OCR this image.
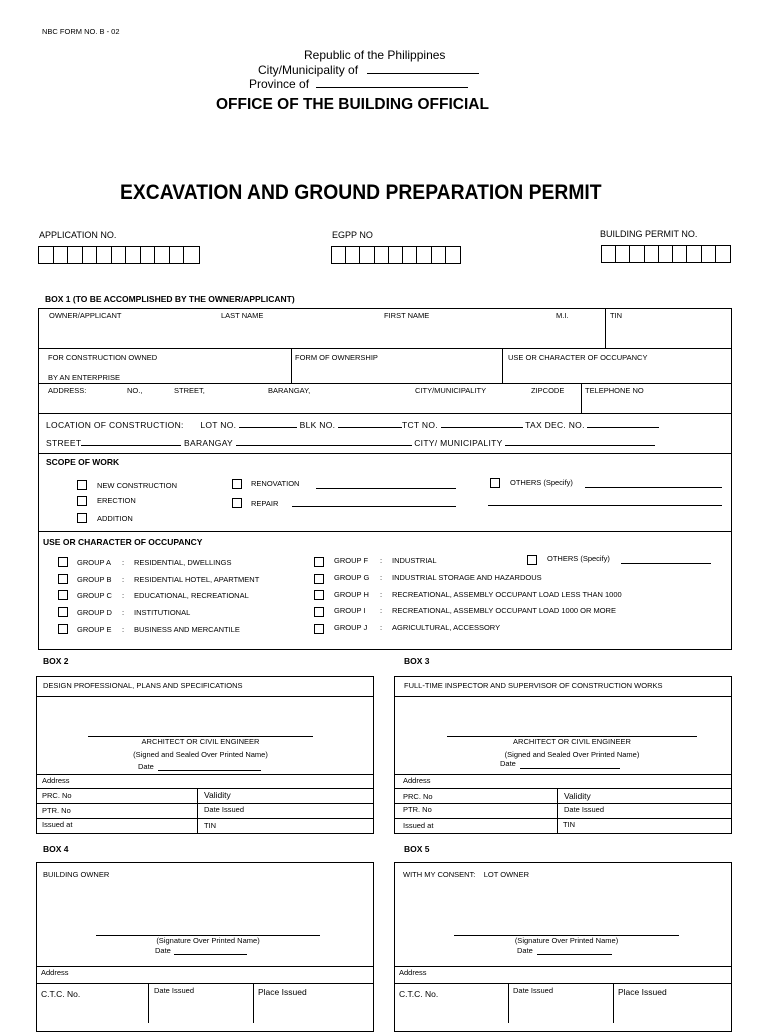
NBC FORM NO. B - 02
Republic of the Philippines
City/Municipality of
Province of
OFFICE OF THE BUILDING OFFICIAL
EXCAVATION AND GROUND PREPARATION PERMIT
APPLICATION NO.	EGPP NO	BUILDING PERMIT NO.
BOX 1 (TO BE ACCOMPLISHED BY THE OWNER/APPLICANT)
OWNER/APPLICANT	LAST NAME	FIRST NAME	M.I.	TIN
FOR CONSTRUCTION OWNED
BY AN ENTERPRISE
FORM OF OWNERSHIP	USE OR CHARACTER OF OCCUPANCY
ADDRESS:	NO.,	STREET,	BARANGAY,	CITY/MUNICIPALITY	ZIPCODE	TELEPHONE NO
LOCATION OF CONSTRUCTION: LOT NO.	BLK NO.	TCT NO.	TAX DEC. NO.
STREET	BARANGAY	CITY/ MUNICIPALITY
SCOPE OF WORK
NEW CONSTRUCTION
ERECTION
ADDITION
RENOVATION
REPAIR
OTHERS (Specify)
USE OR CHARACTER OF OCCUPANCY
GROUP A : RESIDENTIAL, DWELLINGS
GROUP B : RESIDENTIAL HOTEL, APARTMENT
GROUP C : EDUCATIONAL, RECREATIONAL
GROUP D : INSTITUTIONAL
GROUP E : BUSINESS AND MERCANTILE
GROUP F : INDUSTRIAL
GROUP G : INDUSTRIAL STORAGE AND HAZARDOUS
GROUP H : RECREATIONAL, ASSEMBLY OCCUPANT LOAD LESS THAN 1000
GROUP I : RECREATIONAL, ASSEMBLY OCCUPANT LOAD 1000 OR MORE
GROUP J : AGRICULTURAL, ACCESSORY
OTHERS (Specify)
BOX 2
DESIGN PROFESSIONAL, PLANS AND SPECIFICATIONS
ARCHITECT OR CIVIL ENGINEER
(Signed and Sealed Over Printed Name)
Date
Address
PRC. No	Validity
PTR. No	Date Issued
Issued at	TIN
BOX 3
FULL-TIME INSPECTOR AND SUPERVISOR OF CONSTRUCTION WORKS
ARCHITECT OR CIVIL ENGINEER
(Signed and Sealed Over Printed Name)
Date
Address
PRC. No	Validity
PTR. No	Date Issued
Issued at	TIN
BOX 4
BUILDING OWNER
(Signature Over Printed Name)
Date
Address
C.T.C. No.	Date Issued	Place Issued
BOX 5
WITH MY CONSENT:    LOT OWNER
(Signature Over Printed Name)
Date
Address
C.T.C. No.	Date Issued	Place Issued
